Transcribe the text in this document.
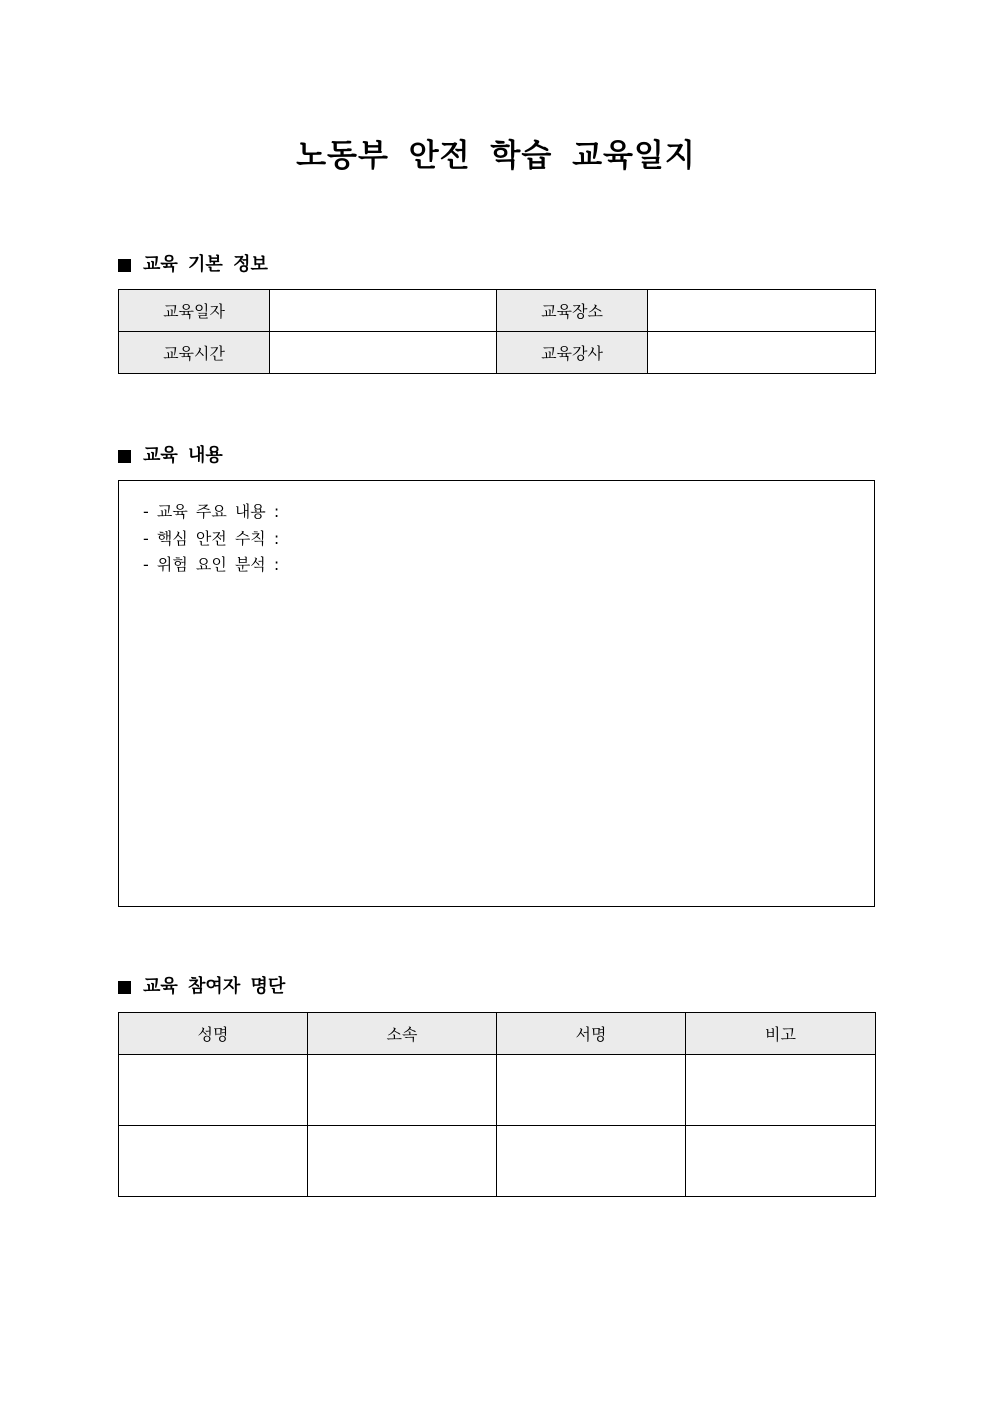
노동부 안전 학습 교육일지
교육 기본 정보
교육일자		교육장소	
교육시간		교육강사	
교육 내용
- 교육 주요 내용 :
- 핵심 안전 수칙 :
- 위험 요인 분석 :
교육 참여자 명단
성명	소속	서명	비고
